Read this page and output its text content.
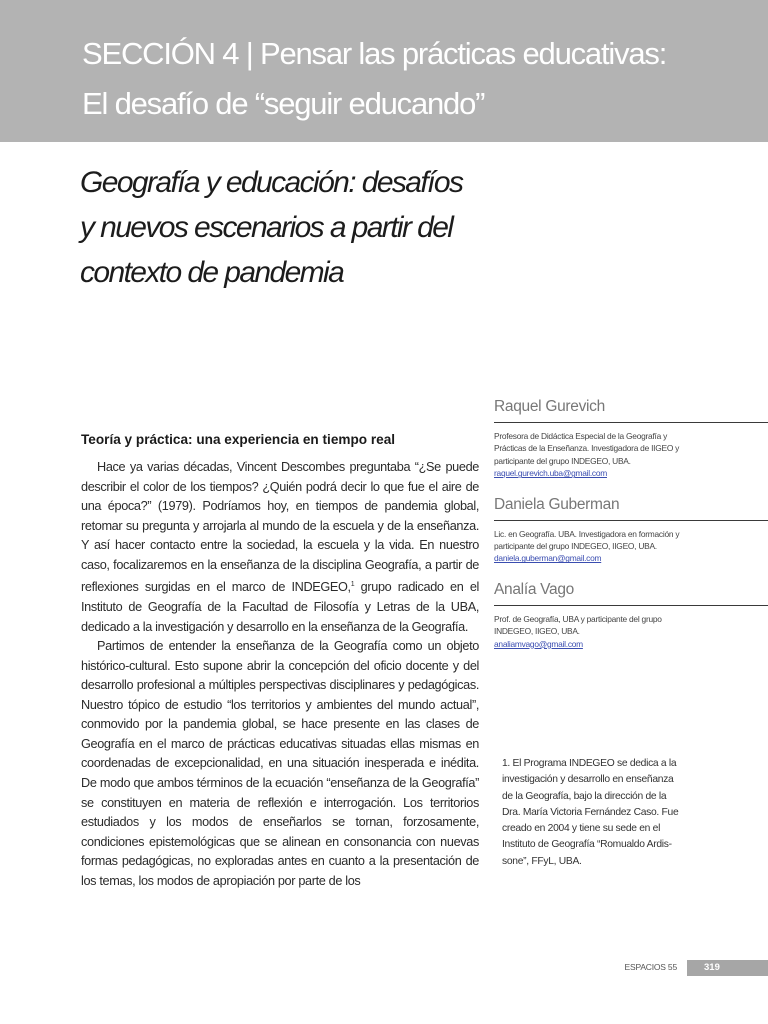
SECCIÓN 4 | Pensar las prácticas educativas:
El desafío de “seguir educando”
Geografía y educación: desafíos
y nuevos escenarios a partir del
contexto de pandemia
Teoría y práctica: una experiencia en tiempo real

Hace ya varias décadas, Vincent Descombes preguntaba “¿Se puede describir el color de los tiempos? ¿Quién podrá decir lo que fue el aire de una época?” (1979). Podríamos hoy, en tiempos de pandemia global, retomar su pregunta y arrojarla al mundo de la escuela y de la enseñanza. Y así hacer contacto entre la sociedad, la escuela y la vida. En nuestro caso, focalizaremos en la enseñanza de la disciplina Geografía, a partir de reflexiones surgidas en el marco de INDEGEO,$^1$ grupo radicado en el Instituto de Geografía de la Facultad de Filosofía y Letras de la UBA, dedicado a la investigación y desarrollo en la enseñanza de la Geografía.

Partimos de entender la enseñanza de la Geografía como un objeto histórico-cultural. Esto supone abrir la concepción del oficio docente y del desarrollo profesional a múltiples perspectivas disciplinares y pedagógicas. Nuestro tópico de estudio “los territorios y ambientes del mundo actual”, conmovido por la pandemia global, se hace presente en las clases de Geografía en el marco de prácticas educativas situadas ellas mismas en coordenadas de excepcionalidad, en una situación inesperada e inédita. De modo que ambos términos de la ecuación “enseñanza de la Geografía” se constituyen en materia de reflexión e interrogación. Los territorios estudiados y los modos de enseñarlos se tornan, forzosamente, condiciones epistemológicas que se alinean en consonancia con nuevas formas pedagógicas, no exploradas antes en cuanto a la presentación de los temas, los modos de apropiación por parte de los

Raquel Gurevich
Profesora de Didáctica Especial de la Geografía y Prácticas de la Enseñanza. Investigadora de IIGEO y participante del grupo INDEGEO, UBA.
raquel.gurevich.uba@gmail.com
Daniela Guberman
Lic. en Geografía. UBA. Investigadora en formación y participante del grupo INDEGEO, IIGEO, UBA.
daniela.guberman@gmail.com
Analía Vago
Prof. de Geografía, UBA y participante del grupo INDEGEO, IIGEO, UBA.
analiamvago@gmail.com
1. El Programa INDEGEO se dedica a la
investigación y desarrollo en enseñanza
de la Geografía, bajo la dirección de la
Dra. María Victoria Fernández Caso. Fue
creado en 2004 y tiene su sede en el
Instituto de Geografía “Romualdo Ardis-
sone”, FFyL, UBA.
ESPACIOS 55	319
